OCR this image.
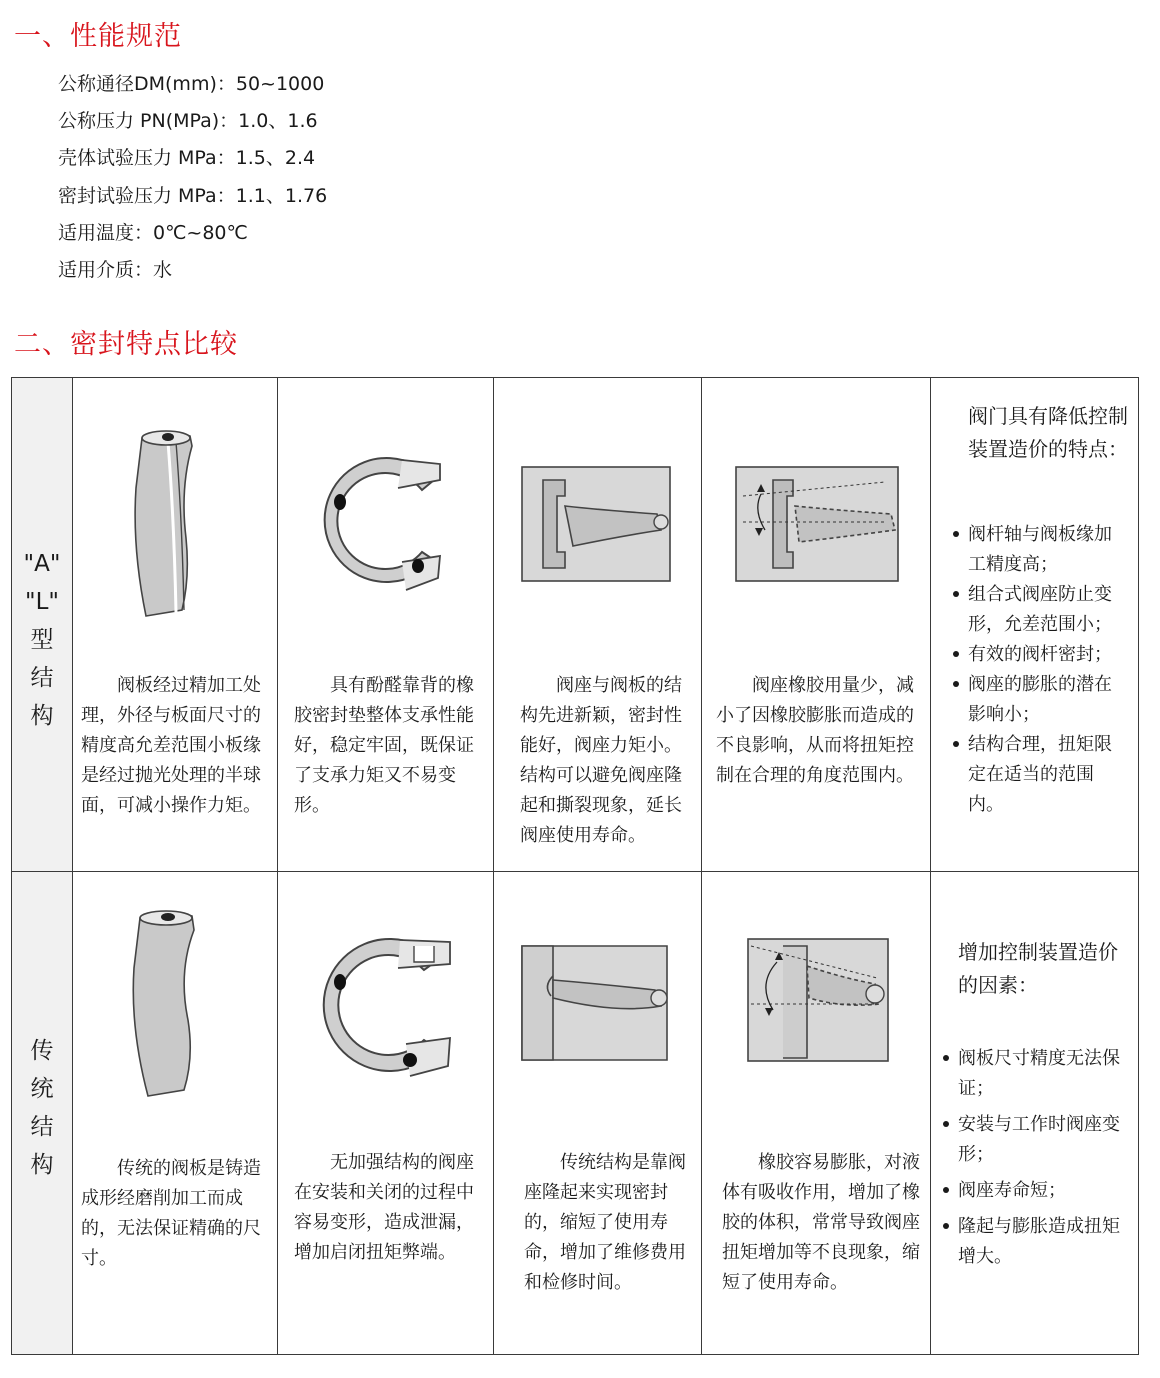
一、性能规范
公称通径DM(mm)：50~1000
公称压力 PN(MPa)：1.0、1.6
壳体试验压力 MPa：1.5、2.4
密封试验压力 MPa：1.1、1.76
适用温度：0℃~80℃
适用介质：水
二、密封特点比较
"A"
"L"
型
结
构

阀板经过精加工处理，外径与板面尺寸的精度高允差范围小板缘是经过抛光处理的半球面，可减小操作力矩。

具有酚醛靠背的橡胶密封垫整体支承性能好，稳定牢固，既保证了支承力矩又不易变形。

阀座与阀板的结构先进新颖，密封性能好，阀座力矩小。结构可以避免阀座隆起和撕裂现象，延长阀座使用寿命。

阀座橡胶用量少，减小了因橡胶膨胀而造成的不良影响，从而将扭矩控制在合理的角度范围内。

阀门具有降低控制装置造价的特点：

阀杆轴与阀板缘加工精度高；
组合式阀座防止变形，允差范围小；
有效的阀杆密封；
阀座的膨胀的潜在影响小；
结构合理，扭矩限定在适当的范围内。
传
统
结
构	传统的阀板是铸造成形经磨削加工而成的，无法保证精确的尺寸。

无加强结构的阀座在安装和关闭的过程中容易变形，造成泄漏，增加启闭扭矩弊端。

传统结构是靠阀座隆起来实现密封的，缩短了使用寿命，增加了维修费用和检修时间。

橡胶容易膨胀，对液体有吸收作用，增加了橡胶的体积，常常导致阀座扭矩增加等不良现象，缩短了使用寿命。

增加控制装置造价的因素：

阀板尺寸精度无法保证；
安装与工作时阀座变形；
阀座寿命短；
隆起与膨胀造成扭矩增大。
